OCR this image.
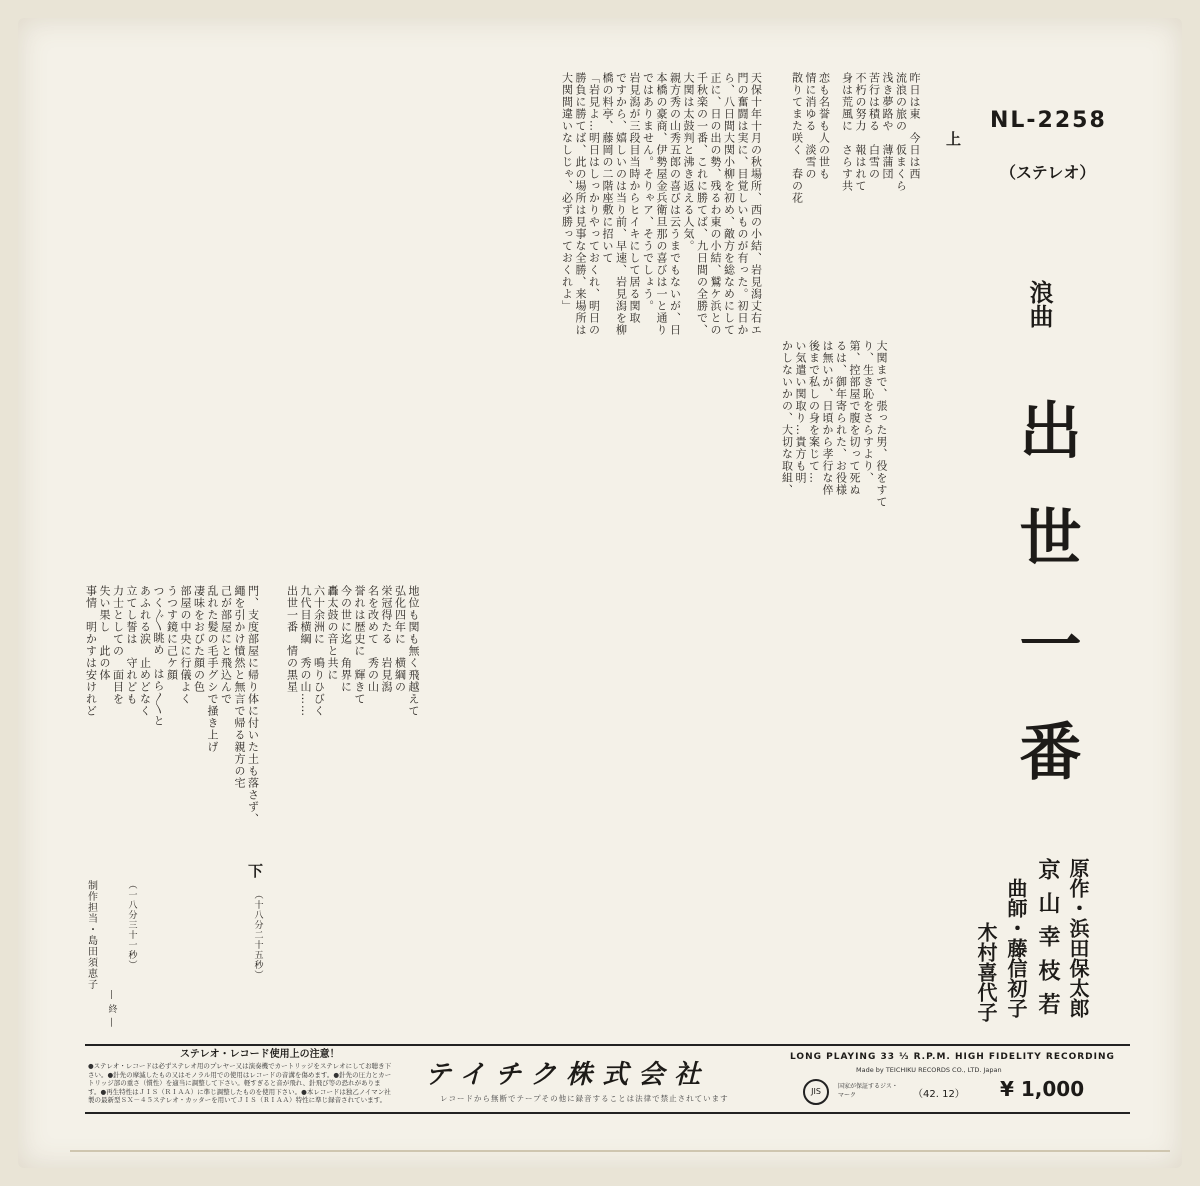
NL-2258
（ステレオ）
浪曲
出世一番
原作・浜田保太郎
京 山 幸 枝 若
曲師・藤信初子
木村喜代子
上
昨日は東　今日は西
流浪の旅の　仮まくら
浅き夢路や　薄蒲団
苦行は積る　白雪の
不朽の努力　報はれて
身は荒風に　さらす共
恋も名誉も人の世も
情に消ゆる　淡雪の
散りてまた咲く　春の花
天保十年十月の秋場所、西の小結、岩見潟丈右エ
門の奮闘は実に、目覚しいものが有った。初日か
ら、八日間大関小柳を初め、敵方を総なめにして
正に、日の出の勢、残るわ東の小結、鷲ケ浜との
千秋楽の一番、これに勝てば、九日間の全勝で、
大関は太鼓判と沸き返える人気。
親方秀の山秀五郎の喜びは云うまでもないが、日
本橋の豪商、伊勢屋金兵衛旦那の喜びは一と通り
ではありません。そりゃア、そうでしょう。
岩見潟が三段目当時からヒイキにして居る関取
ですから、嬉しいのは当り前、早速、岩見潟を柳
橋の料亭、藤岡の二階座敷に招いて
「岩見よ…明日はしっかりやっておくれ、明日の
勝負に勝てば、此の場所は見事な全勝、来場所は
大関間違いなしじゃ、必ず勝っておくれよ」
大関まで、張った男、役をすて
り、生き恥をさらすより、
第、控部屋で腹を切って死ぬ
るは、御年寄られた、お役様
は無いが、日頃から孝行な倅
後まで私しの身を案じて…
い気遣い関取り…貴方も明
かしないかの、大切な取組、
下
（十八分二十五秒）
門、支度部屋に帰り体に付いた土も落さず、
繩を引かけ憤然と無言で帰る親方の宅
己が部屋にと飛込んで
乱れた髪の毛手グシで掻き上げ
凄味をおびた顔の色
部屋の中央に行儀よく
うつす鏡に己ケ顔
つく〴〵眺め　はら〳〵と
あふれる涙　止めどなく
立てし誓は　守れども
力士としての　面目を
失い果し　此の体
事情　明かすは安けれど	地位も関も無く飛越えて
弘化四年に　横綱の
栄冠得たる　岩見潟
名を改めて　秀の山
誉れは歴史に　輝きて
今の世に迄　角界に
轟太鼓の音と共に
六十余洲に　鳴りひびく
九代目横綱　秀の山……
出世一番　情の黒星
（一八分三十一秒）
― 終 ―
制作担当・島田須恵子
ステレオ・レコード使用上の注意！
●ステレオ・レコードは必ずステレオ用のプレヤー又は演奏機でカートリッジをステレオにしてお聴き下さい。●針先の摩滅したもの又はモノラル用での使用はレコードの音溝を傷めます。●針先の圧力とカートリッジ部の重さ（慣性）を適当に調整して下さい。軽すぎると音が飛れ、針飛び等の恐れがあります。●再生特性はＪＩＳ（ＲＩＡＡ）に準じ調整したものを使用下さい。●本レコードは独乙ノイマン社製の最新型ＳＸ－４５ステレオ・カッターを用いてＪＩＳ（ＲＩＡＡ）特性に準じ録音されています。
テイチク株式会社
レコードから無断でテープその他に録音することは法律で禁止されています
LONG PLAYING 33 ⅓ R.P.M. HIGH FIDELITY RECORDING
Made by TEICHIKU RECORDS CO., LTD. Japan
JIS
国家が保証するジス・マーク	（42. 12） ¥ 1,000
